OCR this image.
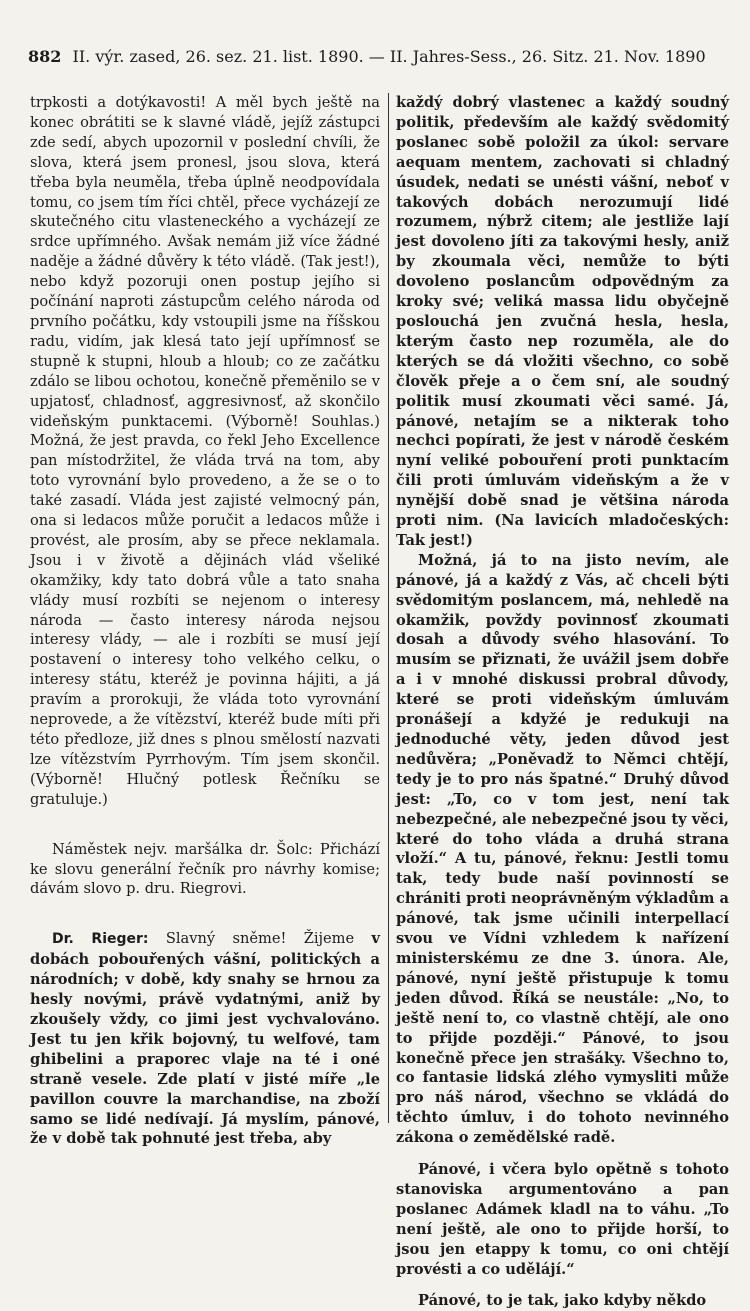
882 II. výr. zased, 26. sez. 21. list. 1890. — II. Jahres-Sess., 26. Sitz. 21. Nov. 1890

trpkosti a dotýkavosti! A měl bych ještě na konec obrátiti se k slavné vládě, jejíž zástupci zde sedí, abych upozornil v poslední chvíli, že slova, která jsem pronesl, jsou slova, která třeba byla neuměla, třeba úplně neodpovídala tomu, co jsem tím říci chtěl, přece vycházejí ze skutečného citu vlasteneckého a vycházejí ze srdce upřímného. Avšak nemám již více žádné naděje a žádné důvěry k této vládě. (Tak jest!), nebo když pozoruji onen postup jejího si počínání naproti zástupcům celého národa od prvního počátku, kdy vstoupili jsme na říšskou radu, vidím, jak klesá tato její upřímnosť se stupně k stupni, hloub a hloub; co ze začátku zdálo se libou ochotou, konečně přeměnilo se v upjatosť, chladnosť, aggresivnosť, až skončilo videňským punktacemi. (Výborně! Souhlas.) Možná, že jest pravda, co řekl Jeho Excellence pan místodržitel, že vláda trvá na tom, aby toto vyrovnání bylo provedeno, a že se o to také zasadí. Vláda jest zajisté velmocný pán, ona si ledacos může poručit a ledacos může i provést, ale prosím, aby se přece neklamala. Jsou i v životě a dějinách vlád všeliké okamžiky, kdy tato dobrá vůle a tato snaha vlády musí rozbíti se nejenom o interesy národa — často interesy národa nejsou interesy vlády, — ale i rozbíti se musí její postavení o interesy toho velkého celku, o interesy státu, kteréž je povinna hájiti, a já pravím a prorokuji, že vláda toto vyrovnání neprovede, a že vítězství, kteréž bude míti při této předloze, již dnes s plnou smělostí nazvati lze vítězstvím Pyrrhovým. Tím jsem skončil. (Výborně! Hlučný potlesk Řečníku se gratuluje.)

Náměstek nejv. maršálka dr. Šolc: Přichází ke slovu generální řečník pro návrhy komise; dávám slovo p. dru. Riegrovi.

Dr. Rieger: Slavný sněme! Žijeme v dobách pobouřených vášní, politických a národních; v době, kdy snahy se hrnou za hesly novými, právě vydatnými, aniž by zkoušely vždy, co jimi jest vychvalováno. Jest tu jen křik bojovný, tu welfové, tam ghibelini a praporec vlaje na té i oné straně vesele. Zde platí v jisté míře „le pavillon couvre la marchandise, na zboží samo se lidé nedívají. Já myslím, pánové, že v době tak pohnuté jest třeba, aby

každý dobrý vlastenec a každý soudný politik, především ale každý svědomitý poslanec sobě položil za úkol: servare aequam mentem, zachovati si chladný úsudek, nedati se unésti vášní, neboť v takových dobách nerozumují lidé rozumem, nýbrž citem; ale jestliže lají jest dovoleno jíti za takovými hesly, aniž by zkoumala věci, nemůže to býti dovoleno poslancům odpovědným za kroky své; veliká massa lidu obyčejně poslouchá jen zvučná hesla, hesla, kterým často nep rozuměla, ale do kterých se dá vložiti všechno, co sobě člověk přeje a o čem sní, ale soudný politik musí zkoumati věci samé. Já, pánové, netajím se a nikterak toho nechci popírati, že jest v národě českém nyní veliké pobouření proti punktacím čili proti úmluvám videňským a že v nynější době snad je většina národa proti nim. (Na lavicích mladočeských: Tak jest!)

Možná, já to na jisto nevím, ale pánové, já a každý z Vás, ač chceli býti svědomitým poslancem, má, nehledě na okamžik, povždy povinnosť zkoumati dosah a důvody svého hlasování. To musím se přiznati, že uvážil jsem dobře a i v mnohé diskussi probral důvody, které se proti videňským úmluvám pronášejí a kdyžé je redukuji na jednoduché věty, jeden důvod jest nedůvěra; „Poněvadž to Němci chtějí, tedy je to pro nás špatné.“ Druhý důvod jest: „To, co v tom jest, není tak nebezpečné, ale nebezpečné jsou ty věci, které do toho vláda a druhá strana vloží.“ A tu, pánové, řeknu: Jestli tomu tak, tedy bude naší povinností se chrániti proti neoprávněným výkladům a pánové, tak jsme učinili interpellací svou ve Vídni vzhledem k nařízení ministerskému ze dne 3. února. Ale, pánové, nyní ještě přistupuje k tomu jeden důvod. Říká se neustále: „No, to ještě není to, co vlastně chtějí, ale ono to přijde později.“ Pánové, to jsou konečně přece jen strašáky. Všechno to, co fantasie lidská zlého vymysliti může pro náš národ, všechno se vkládá do těchto úmluv, i do tohoto nevinného zákona o zemědělské radě.

Pánové, i včera bylo opětně s tohoto stanoviska argumentováno a pan poslanec Adámek kladl na to váhu. „To není ještě, ale ono to přijde horší, to jsou jen etappy k tomu, co oni chtějí provésti a co udělájí.“

Pánové, to je tak, jako kdyby někdo
